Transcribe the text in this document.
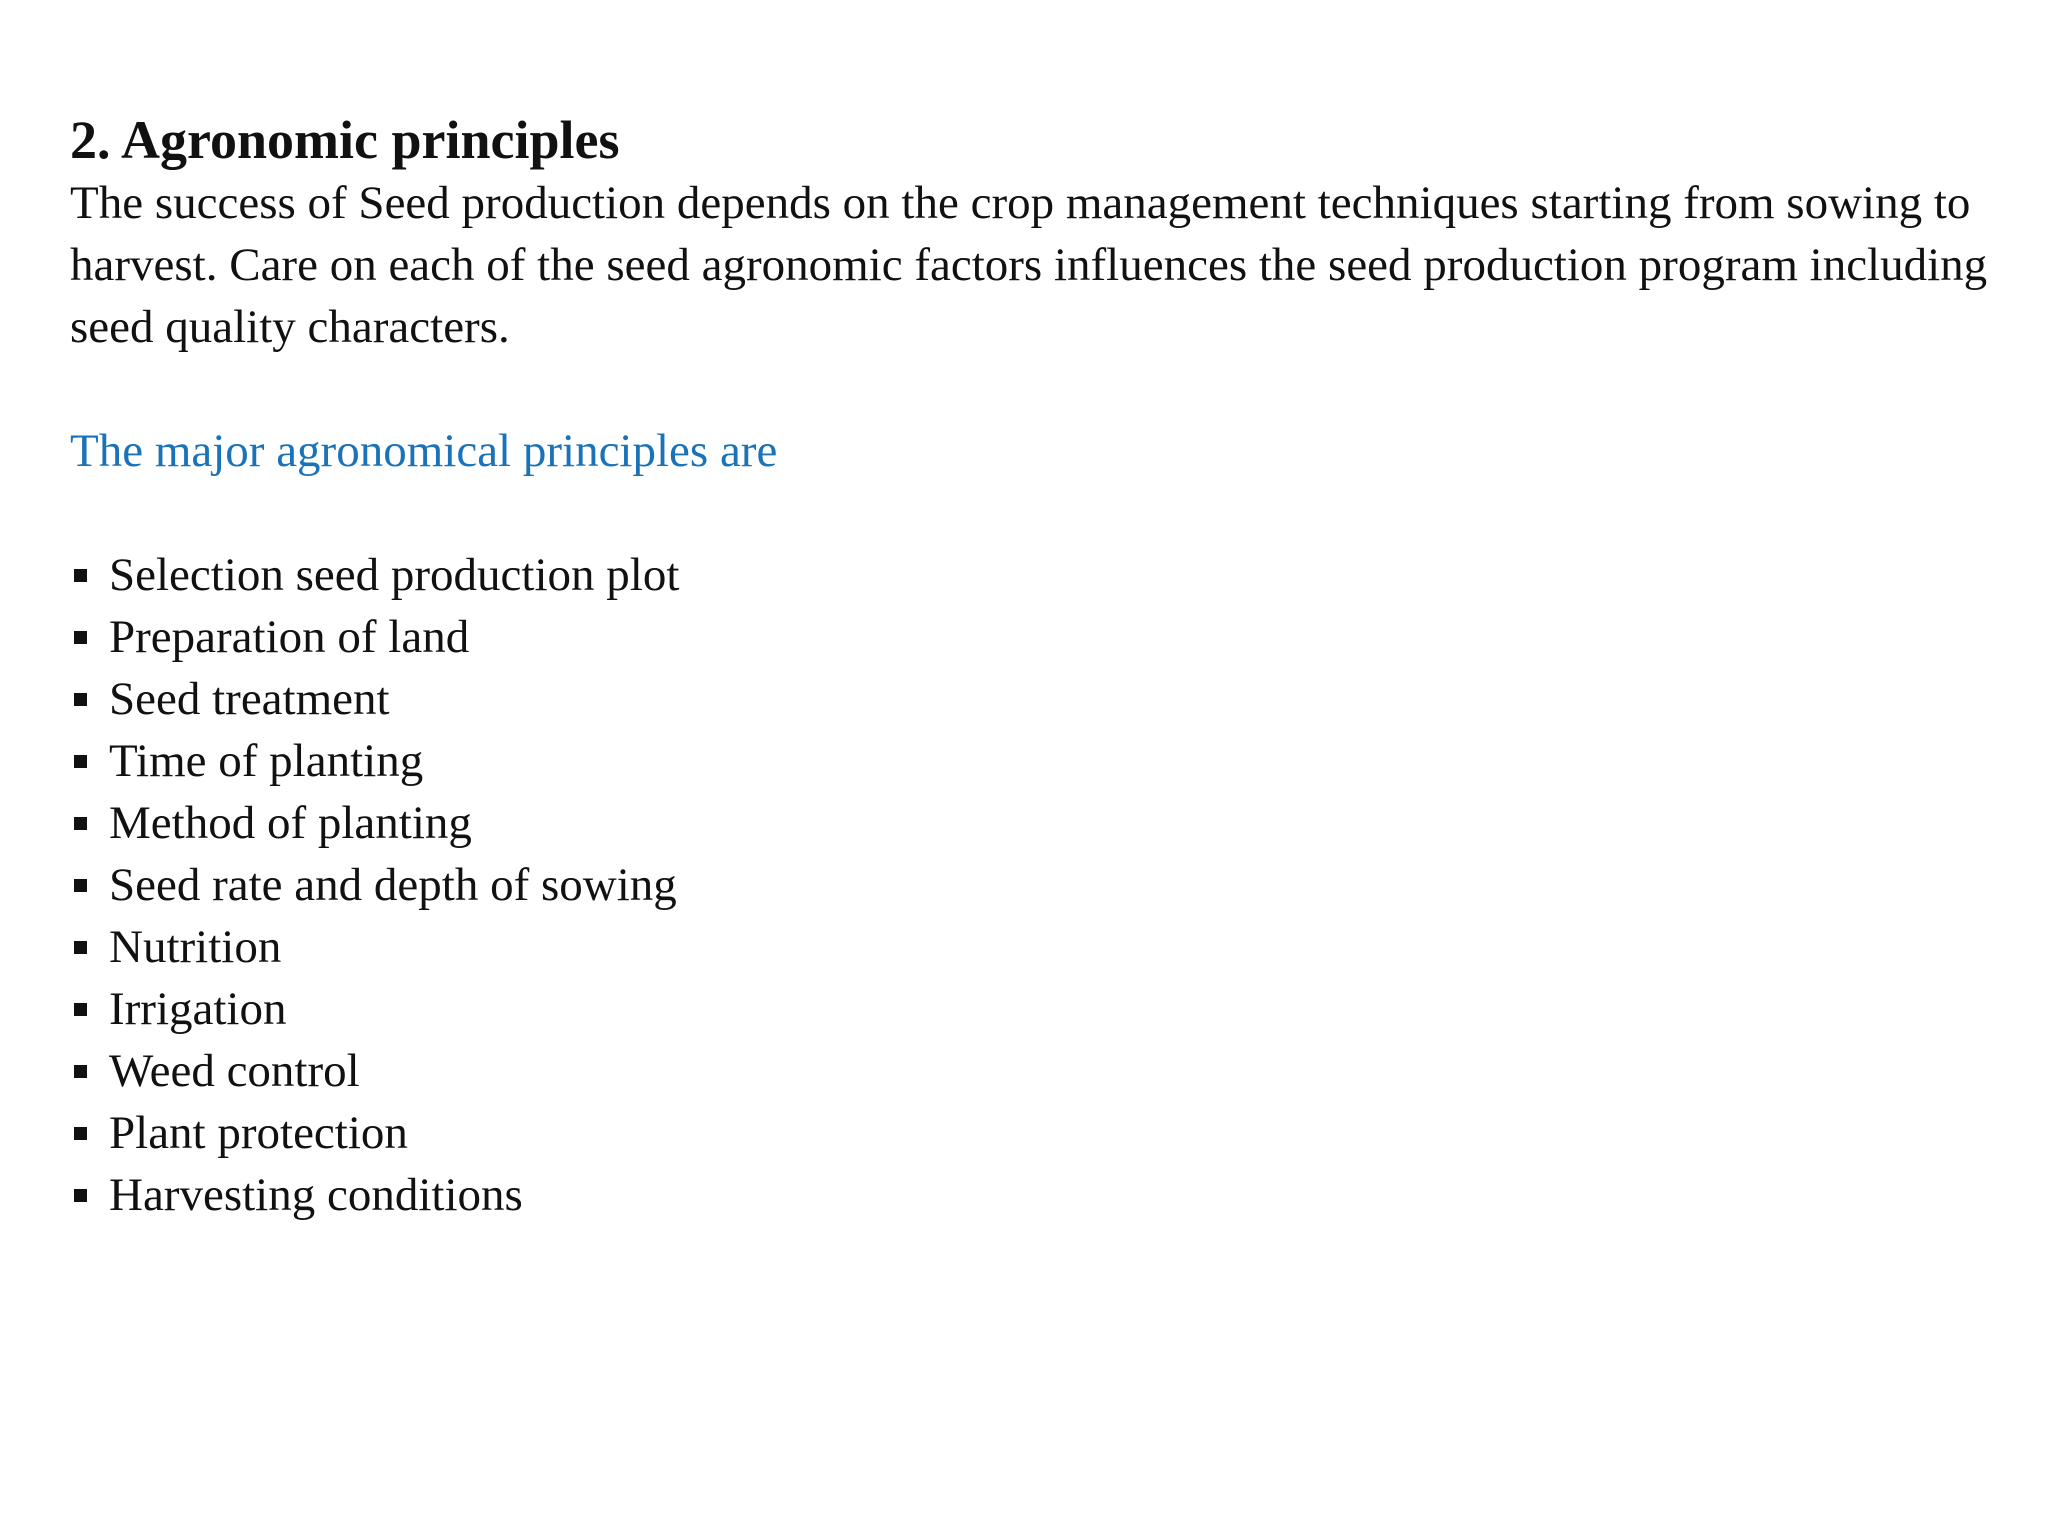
2. Agronomic principles

The success of Seed production depends on the crop management techniques starting from sowing to harvest. Care on each of the seed agronomic factors influences the seed production program including seed quality characters.

The major agronomical principles are

Selection seed production plot
Preparation of land
Seed treatment
Time of planting
Method of planting
Seed rate and depth of sowing
Nutrition
Irrigation
Weed control
Plant protection
Harvesting conditions
